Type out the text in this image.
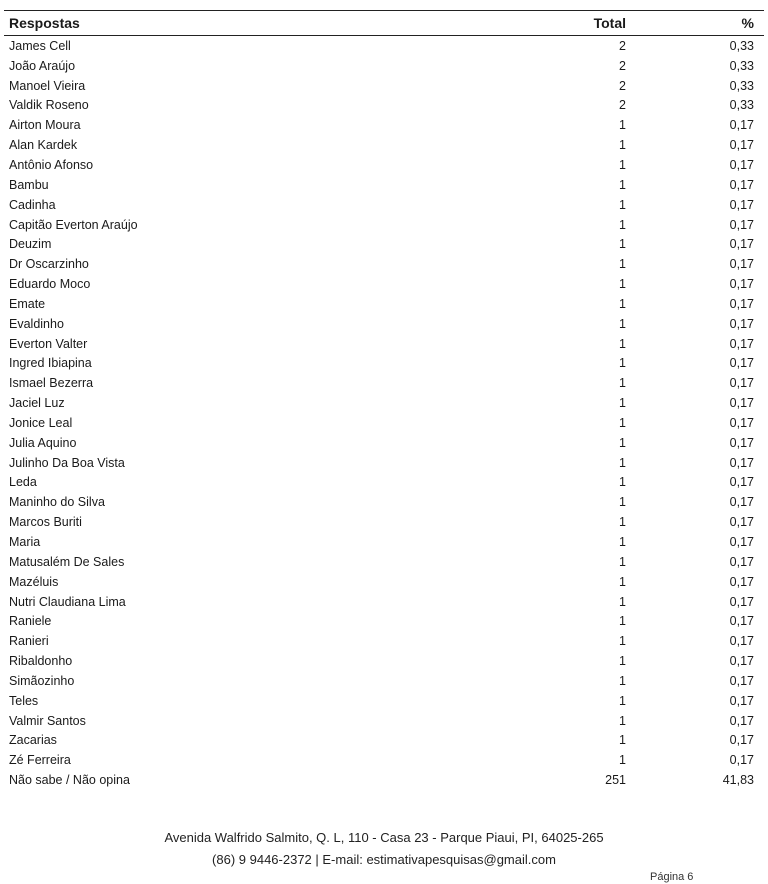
Respostas	Total	%
James Cell	2	0,33
João Araújo	2	0,33
Manoel Vieira	2	0,33
Valdik Roseno	2	0,33
Airton Moura	1	0,17
Alan Kardek	1	0,17
Antônio Afonso	1	0,17
Bambu	1	0,17
Cadinha	1	0,17
Capitão Everton Araújo	1	0,17
Deuzim	1	0,17
Dr Oscarzinho	1	0,17
Eduardo Moco	1	0,17
Emate	1	0,17
Evaldinho	1	0,17
Everton Valter	1	0,17
Ingred Ibiapina	1	0,17
Ismael Bezerra	1	0,17
Jaciel Luz	1	0,17
Jonice Leal	1	0,17
Julia Aquino	1	0,17
Julinho Da Boa Vista	1	0,17
Leda	1	0,17
Maninho do Silva	1	0,17
Marcos Buriti	1	0,17
Maria	1	0,17
Matusalém De Sales	1	0,17
Mazéluis	1	0,17
Nutri Claudiana Lima	1	0,17
Raniele	1	0,17
Ranieri	1	0,17
Ribaldonho	1	0,17
Simãozinho	1	0,17
Teles	1	0,17
Valmir Santos	1	0,17
Zacarias	1	0,17
Zé Ferreira	1	0,17
Não sabe / Não opina	251	41,83
Avenida Walfrido Salmito, Q. L, 110 - Casa 23 - Parque Piaui, PI, 64025-265
(86) 9 9446-2372 | E-mail: estimativapesquisas@gmail.com
Página 6
